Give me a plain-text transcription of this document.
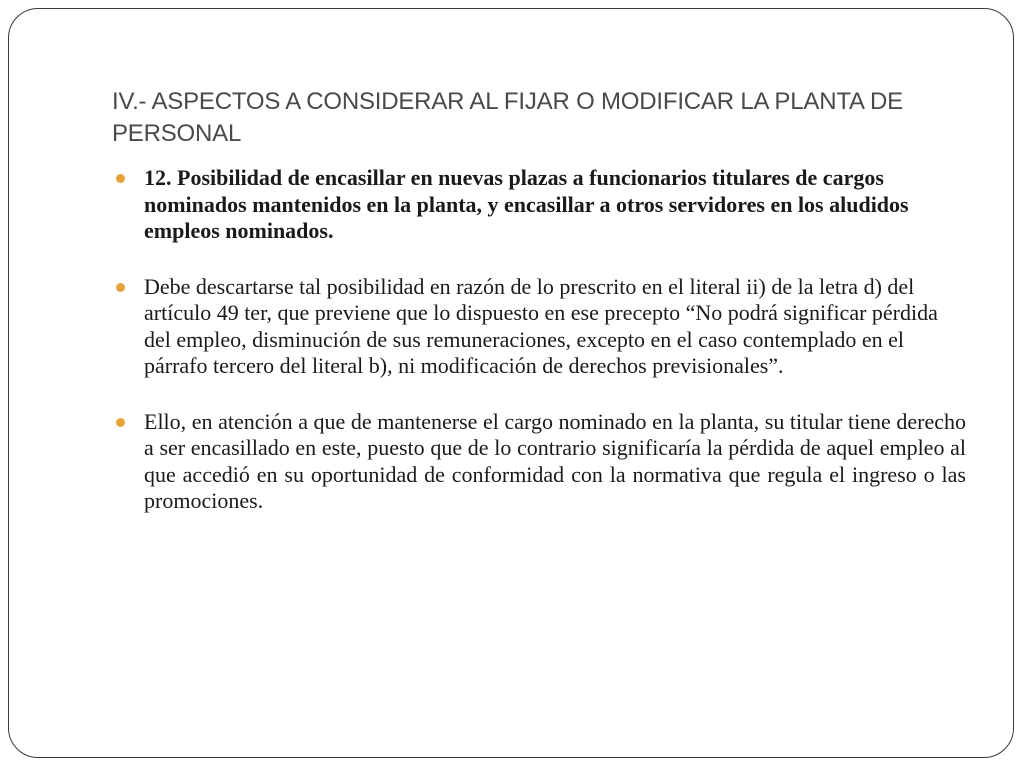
IV.- ASPECTOS A CONSIDERAR AL FIJAR O MODIFICAR LA PLANTA DE PERSONAL
12. Posibilidad de encasillar en nuevas plazas a funcionarios titulares de cargos nominados mantenidos en la planta, y encasillar a otros servidores en los aludidos empleos nominados.
Debe descartarse tal posibilidad en razón de lo prescrito en el literal ii) de la letra d) del artículo 49 ter, que previene que lo dispuesto en ese precepto “No podrá significar pérdida del empleo, disminución de sus remuneraciones, excepto en el caso contemplado en el párrafo tercero del literal b), ni modificación de derechos previsionales”.
Ello, en atención a que de mantenerse el cargo nominado en la planta, su titular tiene derecho a ser encasillado en este, puesto que de lo contrario significaría la pérdida de aquel empleo al que accedió en su oportunidad de conformidad con la normativa que regula el ingreso o las promociones.
